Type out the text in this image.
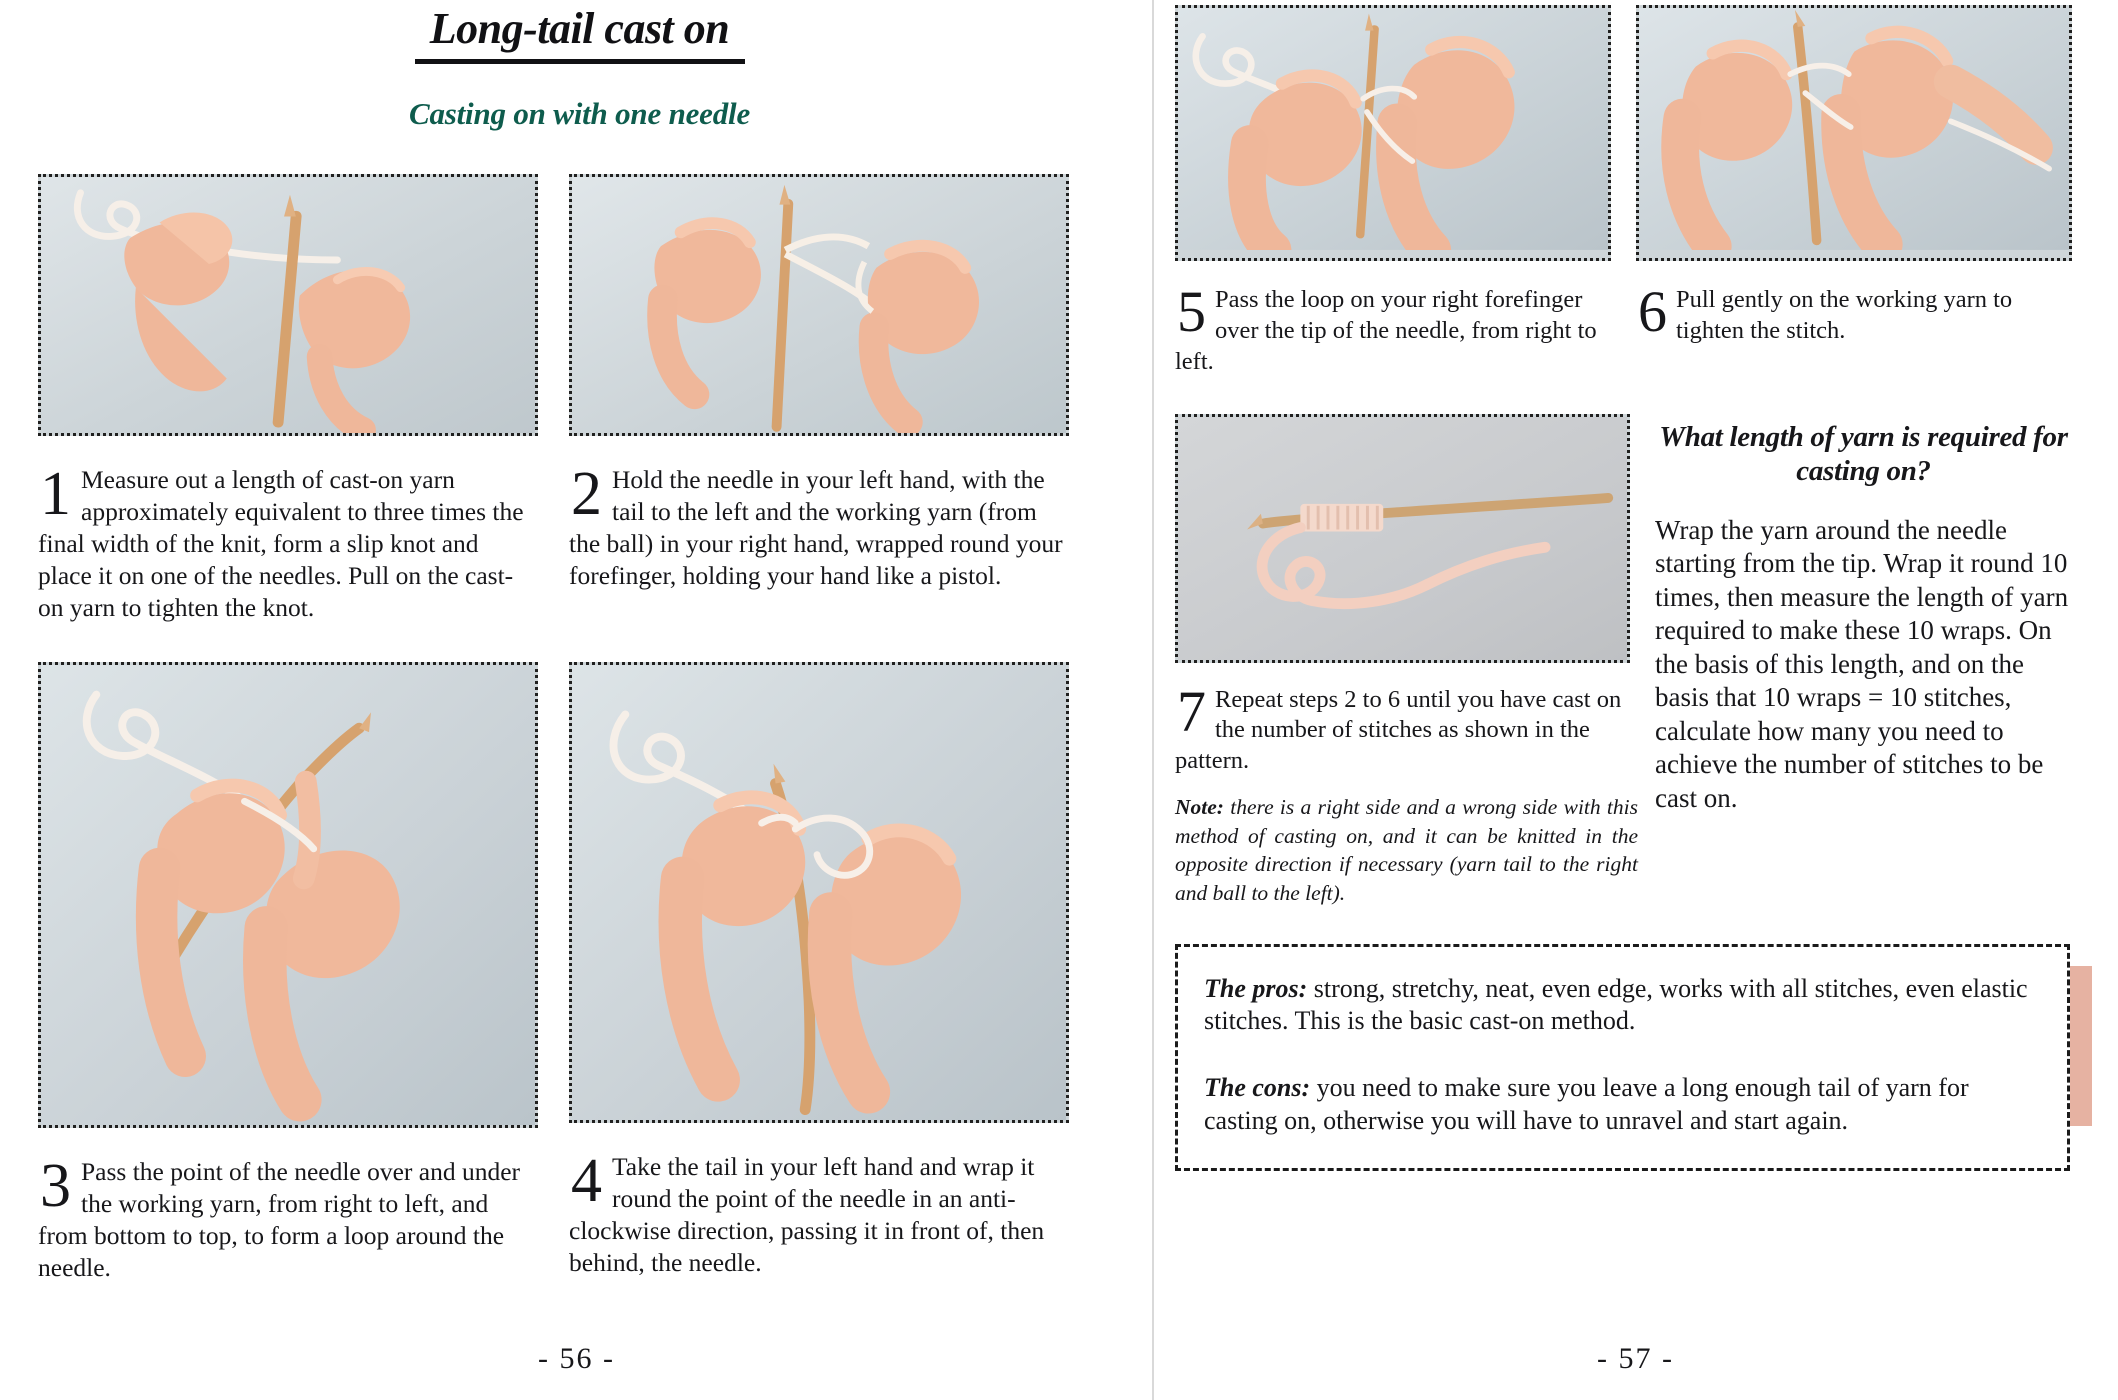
Long-tail cast on
Casting on with one needle
1 Measure out a length of cast-on yarn approximately equivalent to three times the final width of the knit, form a slip knot and place it on one of the needles. Pull on the cast-on yarn to tighten the knot.

2 Hold the needle in your left hand, with the tail to the left and the working yarn (from the ball) in your right hand, wrapped round your forefinger, holding your hand like a pistol.

3 Pass the point of the needle over and under the working yarn, from right to left, and from bottom to top, to form a loop around the needle.

4 Take the tail in your left hand and wrap it round the point of the needle in an anti-clockwise direction, passing it in front of, then behind, the needle.

- 56 -
5 Pass the loop on your right forefinger over the tip of the needle, from right to left.

6 Pull gently on the working yarn to tighten the stitch.

7 Repeat steps 2 to 6 until you have cast on the number of stitches as shown in the pattern.

Note: there is a right side and a wrong side with this method of casting on, and it can be knitted in the opposite direction if necessary (yarn tail to the right and ball to the left).

What length of yarn is required for casting on?

Wrap the yarn around the needle starting from the tip. Wrap it round 10 times, then measure the length of yarn required to make these 10 wraps. On the basis of this length, and on the basis that 10 wraps = 10 stitches, calculate how many you need to achieve the number of stitches to be cast on.

The pros: strong, stretchy, neat, even edge, works with all stitches, even elastic stitches. This is the basic cast-on method.

The cons: you need to make sure you leave a long enough tail of yarn for casting on, otherwise you will have to unravel and start again.

- 57 -
